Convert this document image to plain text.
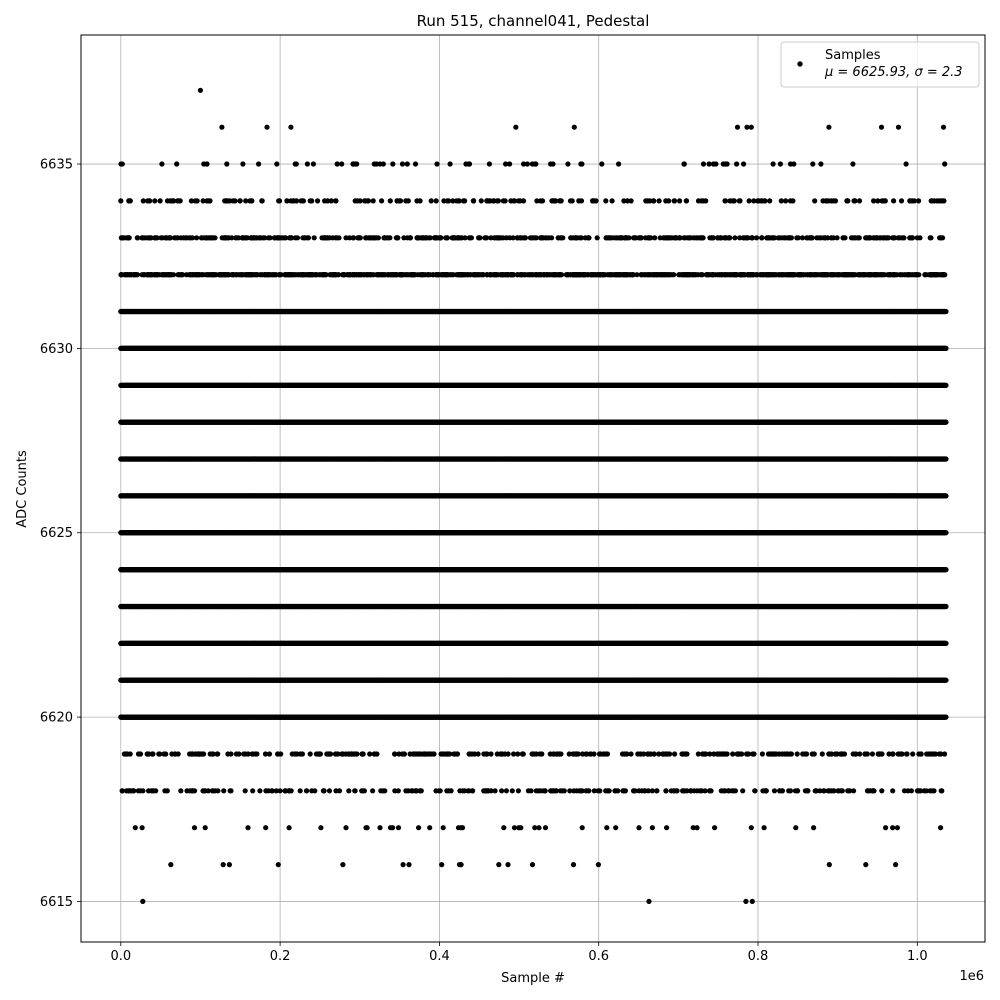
0.0	0.2	0.4	0.6	0.8	1.0
6615
6620
6625
6630
6635
Run 515, channel041, Pedestal
Sample #
ADC Counts
1e6
Samples
μ = 6625.93, σ = 2.3
